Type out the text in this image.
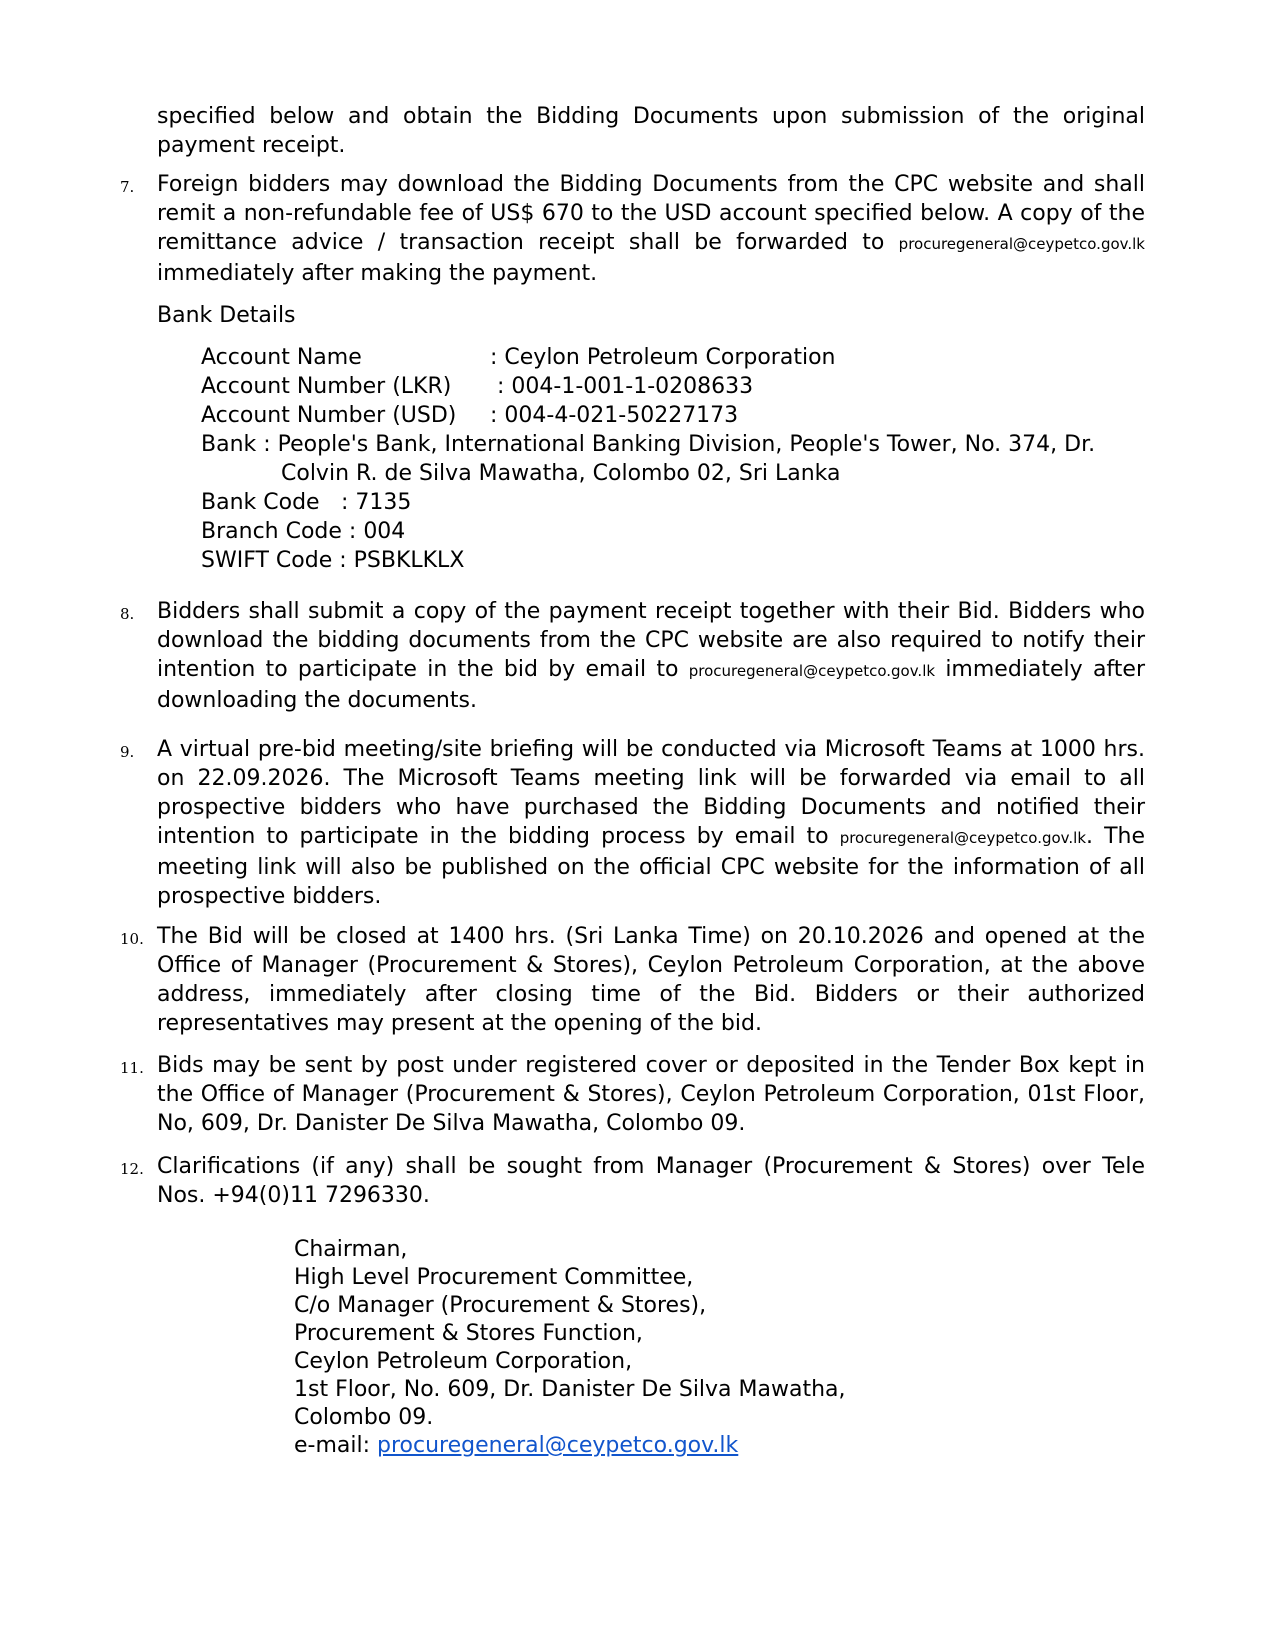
specified below and obtain the Bidding Documents upon submission of the original
payment receipt.
7.	Foreign bidders may download the Bidding Documents from the CPC website and shall remit a non-refundable fee of US$ 670 to the USD account specified below. A copy of the remittance advice / transaction receipt shall be forwarded to procuregeneral@ceypetco.gov.lk immediately after making the payment.
Bank Details
Account Name	: Ceylon Petroleum Corporation
Account Number (LKR) : 004-1-001-1-0208633
Account Number (USD) : 004-4-021-50227173
Bank : People's Bank, International Banking Division, People's Tower, No. 374, Dr.
Colvin R. de Silva Mawatha, Colombo 02, Sri Lanka
Bank Code : 7135
Branch Code : 004
SWIFT Code : PSBKLKLX
8.	Bidders shall submit a copy of the payment receipt together with their Bid. Bidders who download the bidding documents from the CPC website are also required to notify their intention to participate in the bid by email to procuregeneral@ceypetco.gov.lk immediately after downloading the documents.
9.	A virtual pre-bid meeting/site briefing will be conducted via Microsoft Teams at 1000 hrs. on 22.09.2026. The Microsoft Teams meeting link will be forwarded via email to all prospective bidders who have purchased the Bidding Documents and notified their intention to participate in the bidding process by email to procuregeneral@ceypetco.gov.lk. The meeting link will also be published on the official CPC website for the information of all prospective bidders.
10. The Bid will be closed at 1400 hrs. (Sri Lanka Time) on 20.10.2026 and opened at the Office of Manager (Procurement & Stores), Ceylon Petroleum Corporation, at the above address, immediately after closing time of the Bid. Bidders or their authorized representatives may present at the opening of the bid.
11. Bids may be sent by post under registered cover or deposited in the Tender Box kept in the Office of Manager (Procurement & Stores), Ceylon Petroleum Corporation, 01st Floor, No, 609, Dr. Danister De Silva Mawatha, Colombo 09.
12. Clarifications (if any) shall be sought from Manager (Procurement & Stores) over Tele Nos. +94(0)11 7296330.
Chairman,
High Level Procurement Committee,
C/o Manager (Procurement & Stores),
Procurement & Stores Function,
Ceylon Petroleum Corporation,
1st Floor, No. 609, Dr. Danister De Silva Mawatha,
Colombo 09.
e-mail: procuregeneral@ceypetco.gov.lk
